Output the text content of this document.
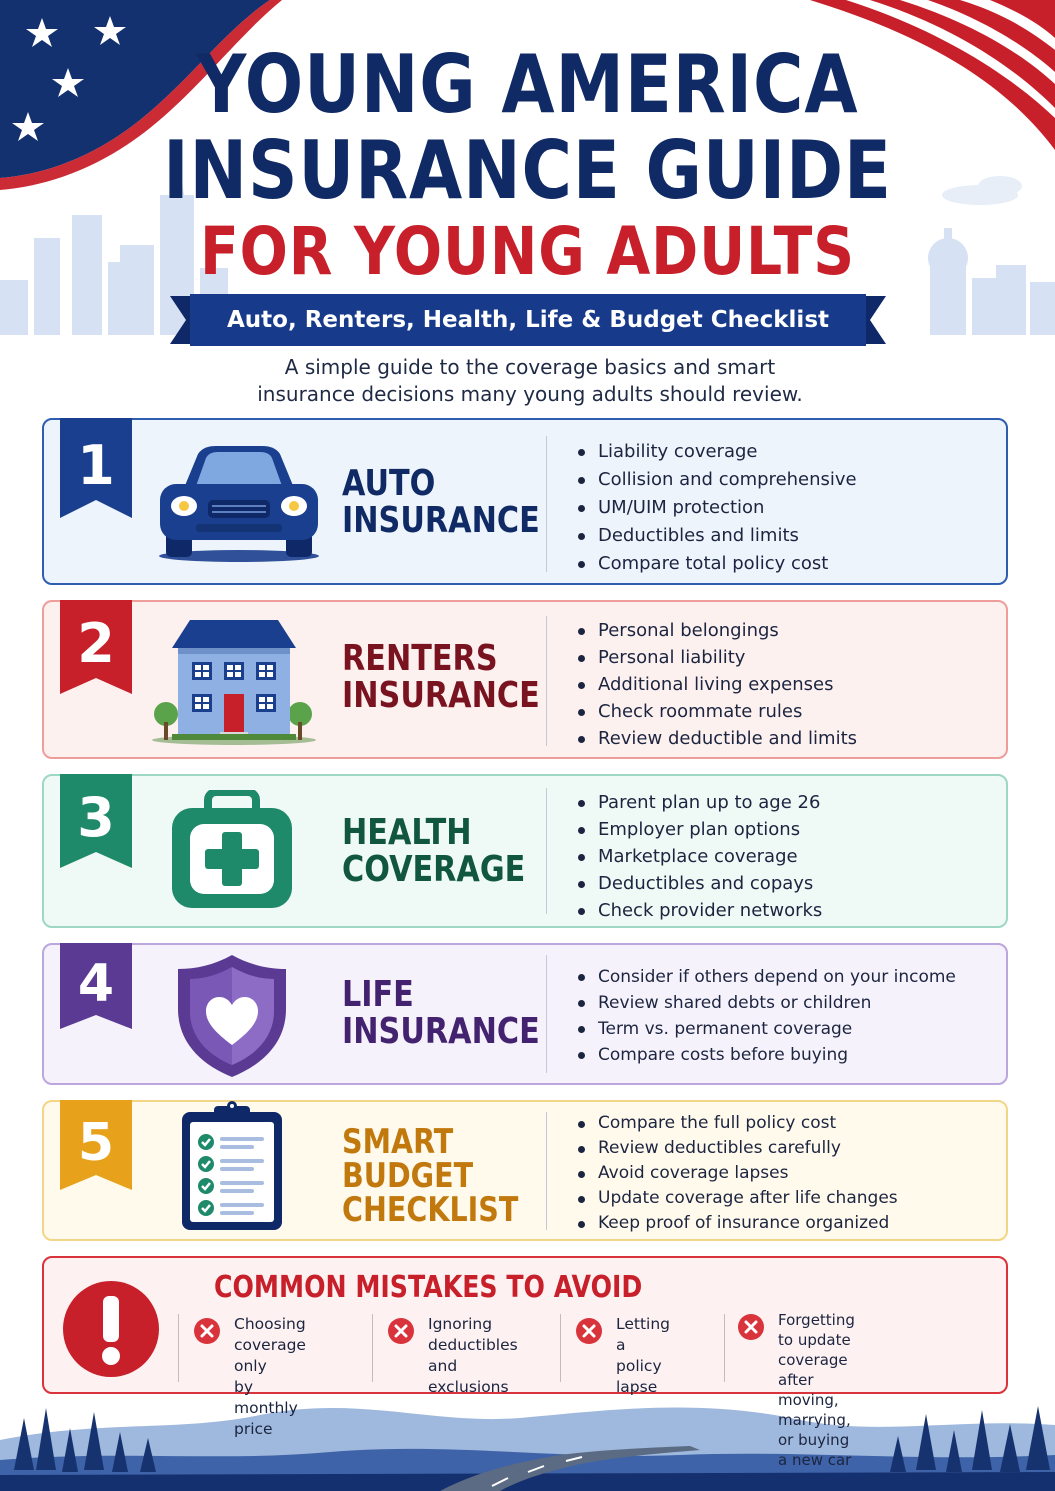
YOUNG AMERICA
INSURANCE GUIDE
FOR YOUNG ADULTS
Auto, Renters, Health, Life & Budget Checklist
A simple guide to the coverage basics and smart
insurance decisions many young adults should review.
1	AUTO
INSURANCE
Liability coverage
Collision and comprehensive
UM/UIM protection
Deductibles and limits
Compare total policy cost
2	RENTERS
INSURANCE
Personal belongings
Personal liability
Additional living expenses
Check roommate rules
Review deductible and limits
3	HEALTH
COVERAGE
Parent plan up to age 26
Employer plan options
Marketplace coverage
Deductibles and copays
Check provider networks
4	LIFE
INSURANCE
Consider if others depend on your income
Review shared debts or children
Term vs. permanent coverage
Compare costs before buying
5	SMART
BUDGET
CHECKLIST
Compare the full policy cost
Review deductibles carefully
Avoid coverage lapses
Update coverage after life changes
Keep proof of insurance organized
COMMON MISTAKES TO AVOID
Choosing
coverage only
by monthly price
Ignoring
deductibles
and exclusions
Letting
a policy
lapse
Forgetting to update
coverage after moving,
marrying, or buying
a new car
